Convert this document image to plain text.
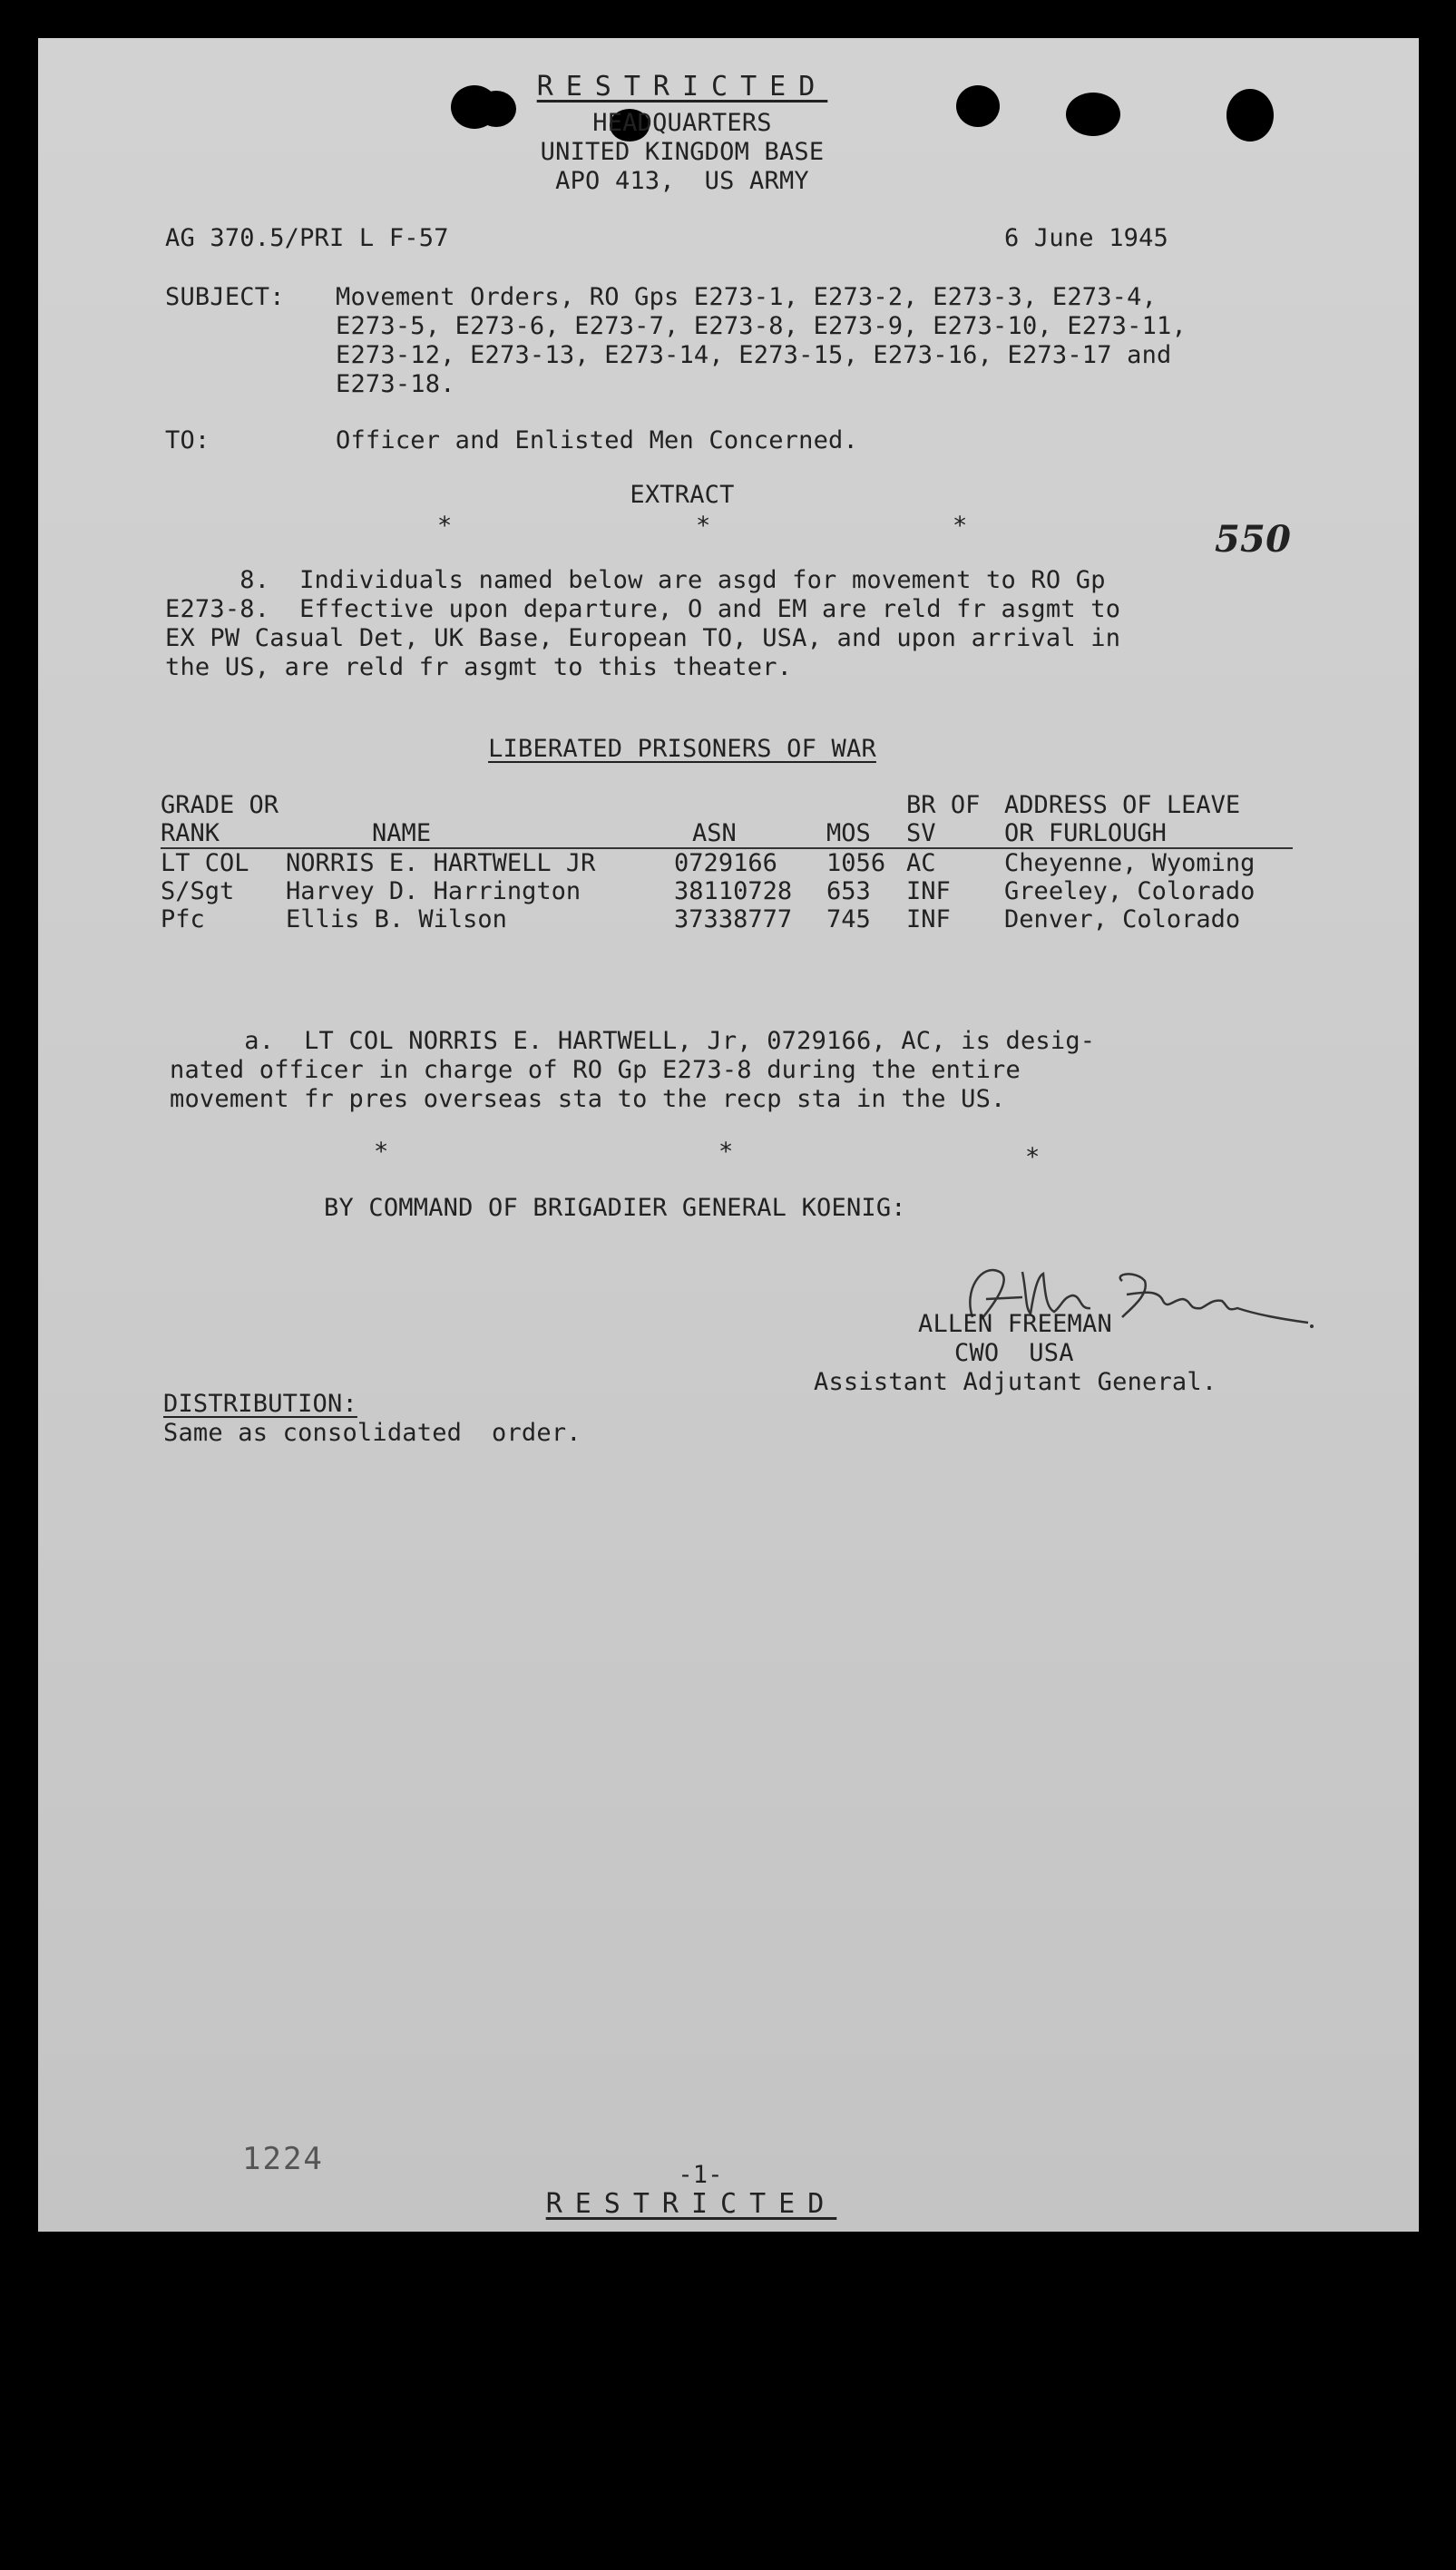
RESTRICTED
HEADQUARTERS
UNITED KINGDOM BASE
APO 413,  US ARMY
AG 370.5/PRI L F-57	6 June 1945
SUBJECT: Movement Orders, RO Gps E273-1, E273-2, E273-3, E273-4,
E273-5, E273-6, E273-7, E273-8, E273-9, E273-10, E273-11,
E273-12, E273-13, E273-14, E273-15, E273-16, E273-17 and
E273-18.
TO:	Officer and Enlisted Men Concerned.
EXTRACT
*	*	*	550
8.  Individuals named below are asgd for movement to RO Gp
E273-8.  Effective upon departure, O and EM are reld fr asgmt to
EX PW Casual Det, UK Base, European TO, USA, and upon arrival in
the US, are reld fr asgmt to this theater.
LIBERATED PRISONERS OF WAR
GRADE OR				BR OF	ADDRESS OF LEAVE
RANK	NAME	ASN	MOS	SV	OR FURLOUGH
LT COL	NORRIS E. HARTWELL JR	0729166	1056	AC	Cheyenne, Wyoming
S/Sgt	Harvey D. Harrington	38110728	653	INF	Greeley, Colorado
Pfc	Ellis B. Wilson	37338777	745	INF	Denver, Colorado
a.  LT COL NORRIS E. HARTWELL, Jr, 0729166, AC, is desig-
nated officer in charge of RO Gp E273-8 during the entire
movement fr pres overseas sta to the recp sta in the US.
*	*	*
BY COMMAND OF BRIGADIER GENERAL KOENIG:
ALLEN FREEMAN
CWO  USA
Assistant Adjutant General.
DISTRIBUTION:
Same as consolidated  order.
1224	-1-
RESTRICTED
